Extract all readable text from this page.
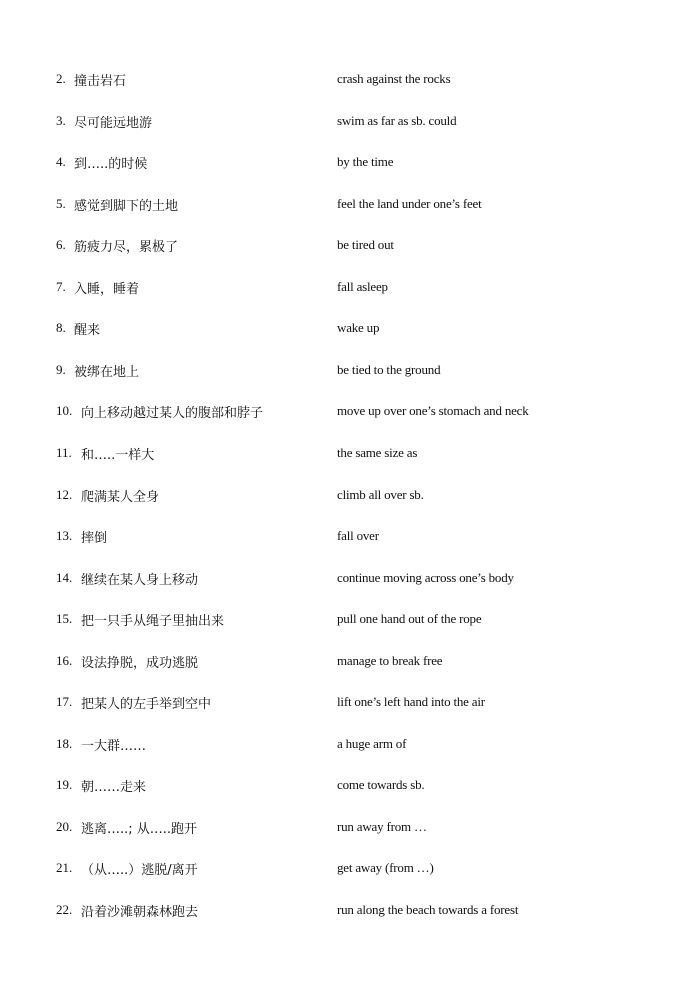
2. 撞击岩石	crash against the rocks
3. 尽可能远地游	swim as far as sb. could
4. 到…..的时候	by the time
5. 感觉到脚下的土地	feel the land under one’s feet
6. 筋疲力尽，累极了	be tired out
7. 入睡，睡着	fall asleep
8. 醒来	wake up
9. 被绑在地上	be tied to the ground
10. 向上移动越过某人的腹部和脖子	move up over one’s stomach and neck
11. 和…..一样大	the same size as
12. 爬满某人全身	climb all over sb.
13. 摔倒	fall over
14. 继续在某人身上移动	continue moving across one’s body
15. 把一只手从绳子里抽出来	pull one hand out of the rope
16. 设法挣脱，成功逃脱	manage to break free
17. 把某人的左手举到空中	lift one’s left hand into the air
18. 一大群……	a huge arm of
19. 朝……走来	come towards sb.
20. 逃离…..; 从…..跑开	run away from …
21. （从…..）逃脱/离开	get away (from …)
22. 沿着沙滩朝森林跑去	run along the beach towards a forest
